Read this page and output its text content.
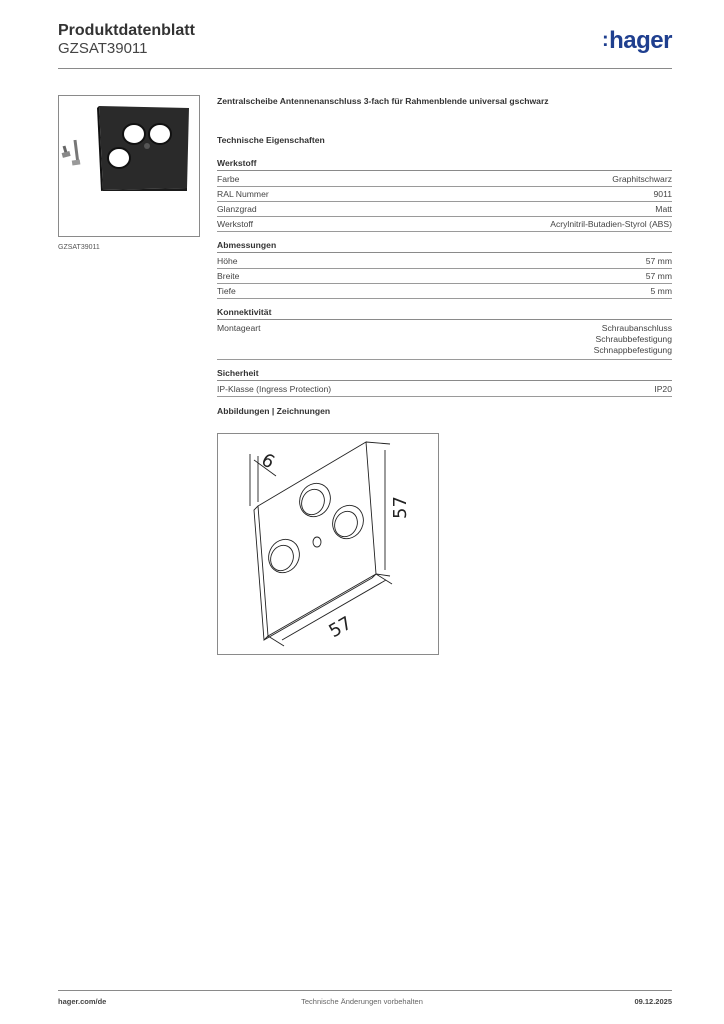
Produktdatenblatt
GZSAT39011	:hager
GZSAT39011
Zentralscheibe Antennenanschluss 3-fach für Rahmenblende universal gschwarz
Technische Eigenschaften
Werkstoff
Farbe	Graphitschwarz
RAL Nummer	9011
Glanzgrad	Matt
Werkstoff	Acrylnitril-Butadien-Styrol (ABS)
Abmessungen
Höhe	57 mm
Breite	57 mm
Tiefe	5 mm
Konnektivität
Montageart	Schraubanschluss
Schraubbefestigung
Schnappbefestigung
Sicherheit
IP-Klasse (Ingress Protection)	IP20
Abbildungen | Zeichnungen
6
57
57
hager.com/de	Technische Änderungen vorbehalten	09.12.2025
